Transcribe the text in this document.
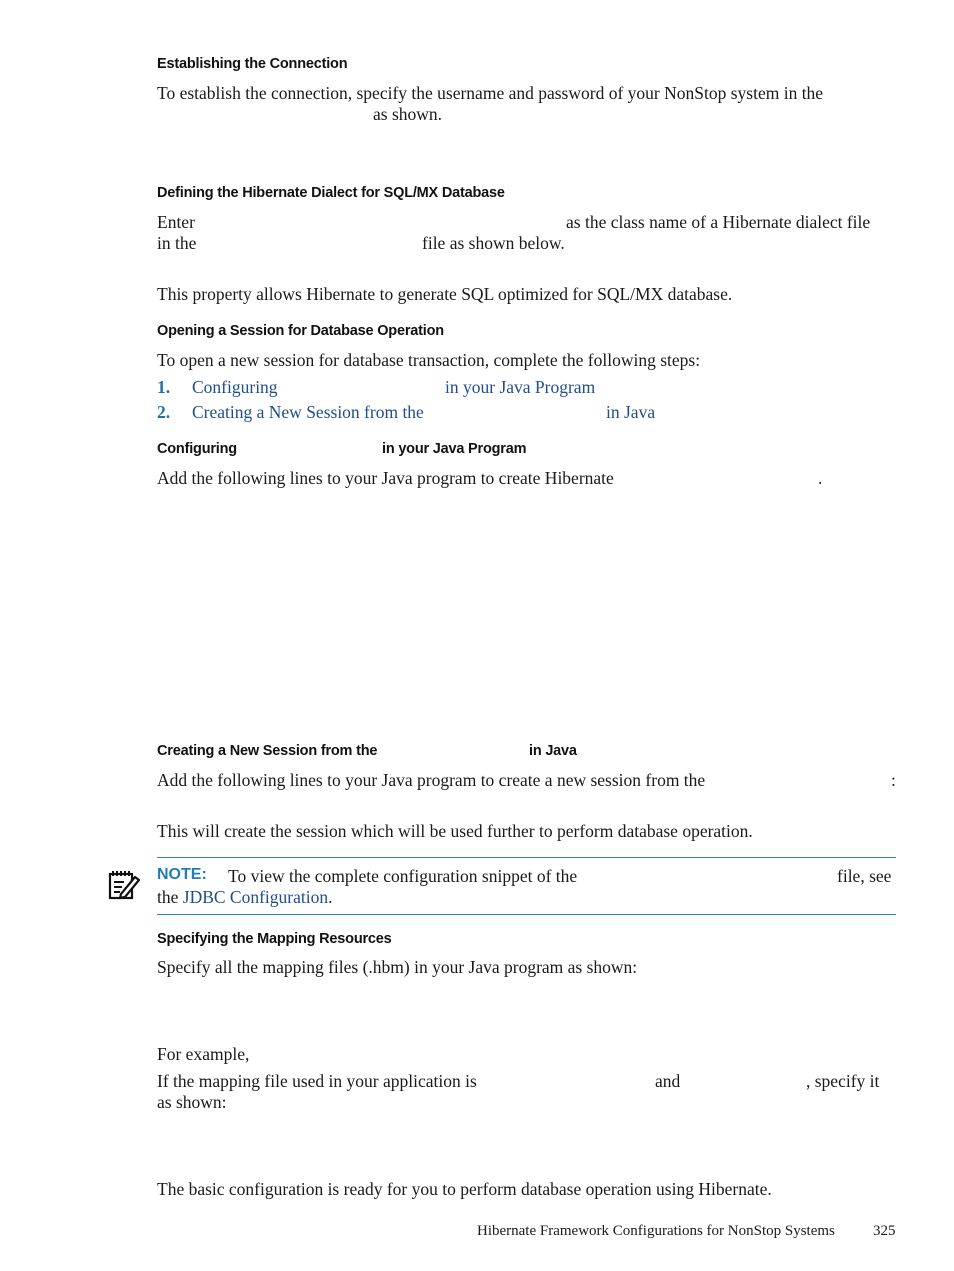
Establishing the Connection
To establish the connection, specify the username and password of your NonStop system in the
as shown.
Defining the Hibernate Dialect for SQL/MX Database
Enter	as the class name of a Hibernate dialect file
in the	file as shown below.
This property allows Hibernate to generate SQL optimized for SQL/MX database.
Opening a Session for Database Operation
To open a new session for database transaction, complete the following steps:
1. Configuring	in your Java Program
2. Creating a New Session from the	in Java
Configuring	in your Java Program
Add the following lines to your Java program to create Hibernate	.
Creating a New Session from the	in Java
Add the following lines to your Java program to create a new session from the	:
This will create the session which will be used further to perform database operation.
NOTE: To view the complete configuration snippet of the	file, see
the JDBC Configuration.
Specifying the Mapping Resources
Specify all the mapping files (.hbm) in your Java program as shown:
For example,
If the mapping file used in your application is	and	, specify it
as shown:
The basic configuration is ready for you to perform database operation using Hibernate.
Hibernate Framework Configurations for NonStop Systems	325
